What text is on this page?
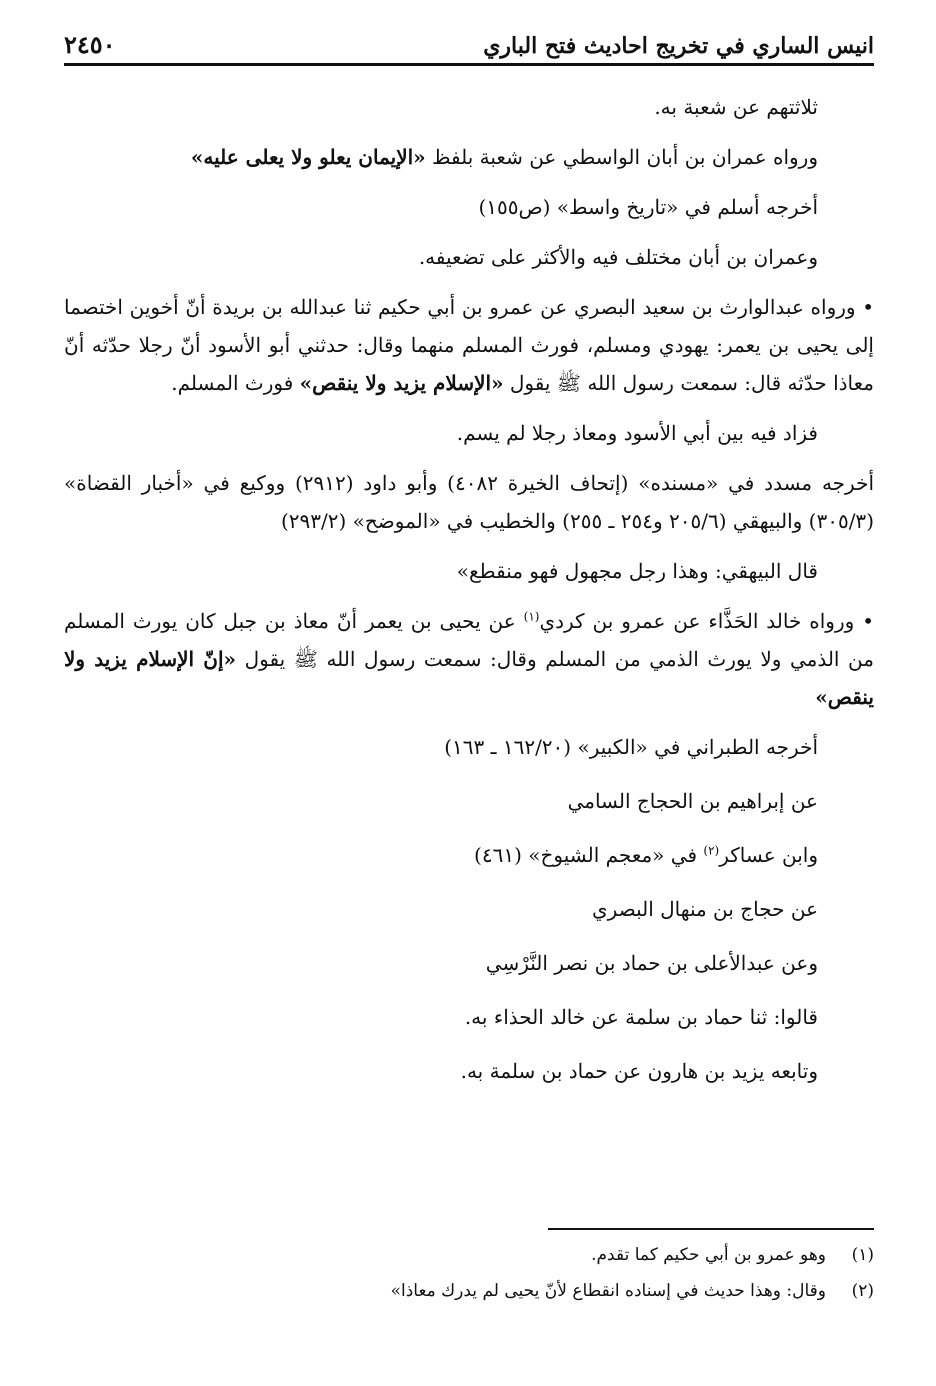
انيس الساري في تخريج احاديث فتح الباري
٢٤٥٠

ثلاثتهم عن شعبة به.

ورواه عمران بن أبان الواسطي عن شعبة بلفظ «الإيمان يعلو ولا يعلى عليه»

أخرجه أسلم في «تاريخ واسط» (ص١٥٥)

وعمران بن أبان مختلف فيه والأكثر على تضعيفه.

• ورواه عبدالوارث بن سعيد البصري عن عمرو بن أبي حكيم ثنا عبدالله بن بريدة أنّ أخوين اختصما إلى يحيى بن يعمر: يهودي ومسلم، فورث المسلم منهما وقال: حدثني أبو الأسود أنّ رجلا حدّثه أنّ معاذا حدّثه قال: سمعت رسول الله ﷺ يقول «الإسلام يزيد ولا ينقص» فورث المسلم.

فزاد فيه بين أبي الأسود ومعاذ رجلا لم يسم.

أخرجه مسدد في «مسنده» (إتحاف الخيرة ٤٠٨٢) وأبو داود (٢٩١٢) ووكيع في «أخبار القضاة» (٣٠٥/٣) والبيهقي (٢٠٥/٦ و٢٥٤ ـ ٢٥٥) والخطيب في «الموضح» (٢٩٣/٢)

قال البيهقي: وهذا رجل مجهول فهو منقطع»

• ورواه خالد الحَذَّاء عن عمرو بن كردي$^{(١)}$ عن يحيى بن يعمر أنّ معاذ بن جبل كان يورث المسلم من الذمي ولا يورث الذمي من المسلم وقال: سمعت رسول الله ﷺ يقول «إنّ الإسلام يزيد ولا ينقص»

أخرجه الطبراني في «الكبير» (١٦٢/٢٠ ـ ١٦٣)

عن إبراهيم بن الحجاج السامي

وابن عساكر$^{(٢)}$ في «معجم الشيوخ» (٤٦١)

عن حجاج بن منهال البصري

وعن عبدالأعلى بن حماد بن نصر النَّرْسِي

قالوا: ثنا حماد بن سلمة عن خالد الحذاء به.

وتابعه يزيد بن هارون عن حماد بن سلمة به.

(١)
وهو عمرو بن أبي حكيم كما تقدم.
(٢)
وقال: وهذا حديث في إسناده انقطاع لأنّ يحيى لم يدرك معاذا»
